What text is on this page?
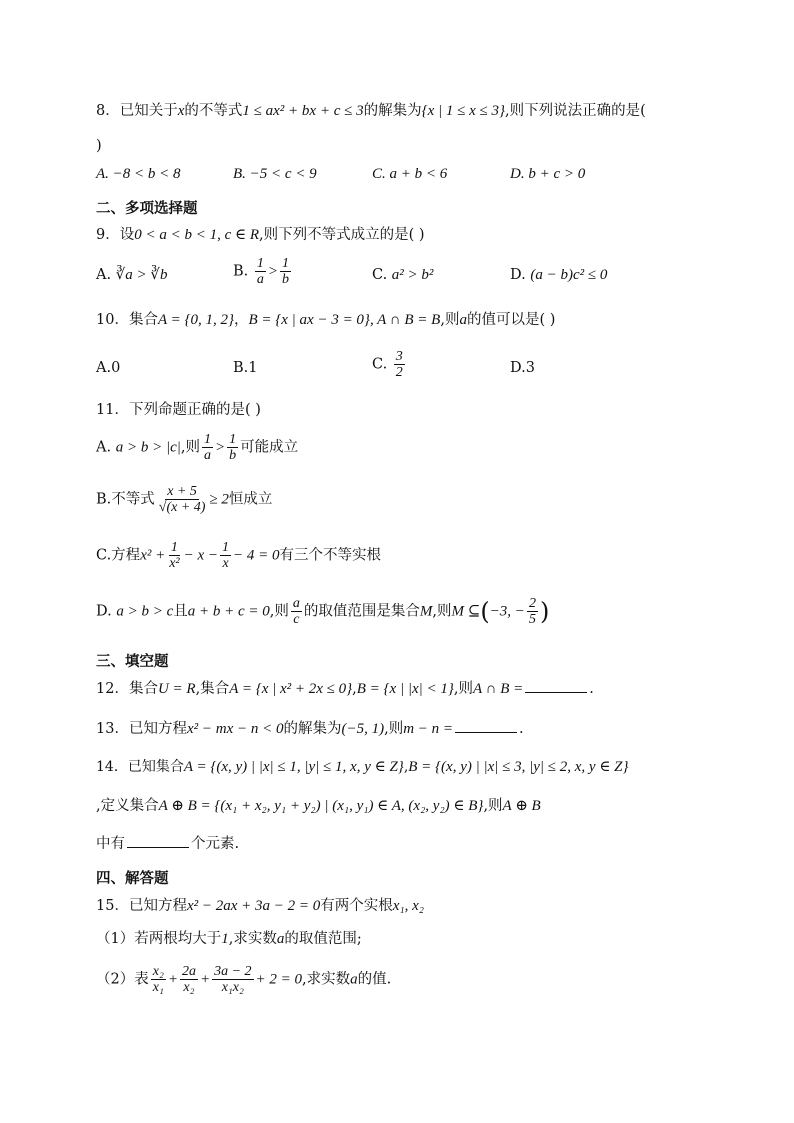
8．已知关于x的不等式1 ≤ ax² + bx + c ≤ 3的解集为{x | 1 ≤ x ≤ 3},则下列说法正确的是(
)
A. −8 < b < 8	B. −5 < c < 9	C. a + b < 6	D. b + c > 0
二、多项选择题
9．设0 < a < b < 1, c ∈ R,则下列不等式成立的是( )
A. ∛a > ∛b	B. $\frac{1}{a} > \frac{1}{b}$	C. a² > b²	D. (a − b)c² ≤ 0
10．集合A = {0, 1, 2}，B = {x | ax − 3 = 0}, A ∩ B = B,则a的值可以是( )
A.0	B.1	C. $\frac{3}{2}$	D.3
11．下列命题正确的是( )
A. a > b > |c|,则 $\frac{1}{a} > \frac{1}{b}$ 可能成立
B.不等式 $\frac{x + 5}{√(x + 4)} \ge 2$恒成立
C.方程$x^2 + \frac{1}{\text{x²}} - x - \frac{1}{x} - 4 = 0$有三个不等实根
D. a > b > c且a + b + c = 0,则 $\frac{a}{c}$ 的取值范围是集合M,则M ⊆(−3, − $\frac{2}{5}$ )
三、填空题
12．集合U = R,集合A = {x | x² + 2x ≤ 0},B = {x | |x| < 1},则A ∩ B =	.
13．已知方程x² − mx − n < 0的解集为(−5, 1),则m − n =	.
14．已知集合A = {(x, y) | |x| ≤ 1, |y| ≤ 1, x, y ∈ Z},B = {(x, y) | |x| ≤ 3, |y| ≤ 2, x, y ∈ Z}
,定义集合A ⊕ B = {(x₁ + x₂, y₁ + y₂) | (x₁, y₁) ∈ A, (x₂, y₂) ∈ B},则A ⊕ B
中有	个元素.
四、解答题
15．已知方程x² − 2ax + 3a − 2 = 0有两个实根x₁, x₂
（1）若两根均大于1,求实数a的取值范围;
（2）表 $\frac{\text{x₂}}{\text{x₁}} + \frac{2a}{\text{x₂}} + \frac{3a - 2}{\text{x₁x₂}} + 2 = 0$,求实数a的值.
